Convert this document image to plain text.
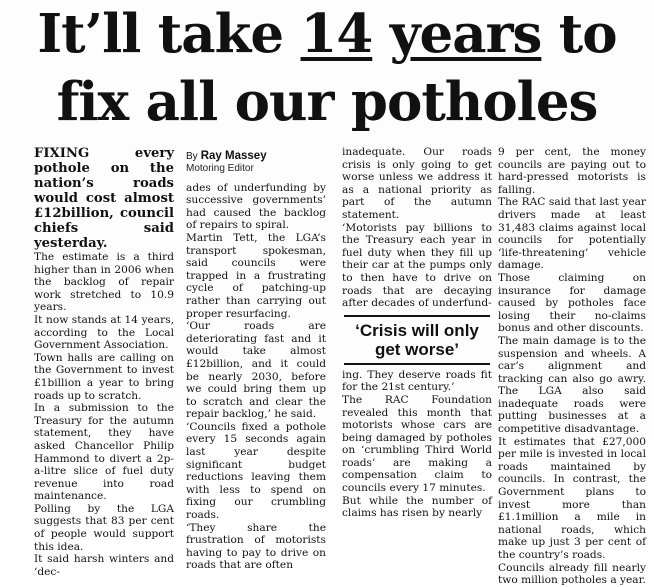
It’ll take 14 years to
fix all our potholes

FIXING every pothole on the nation’s roads would cost almost £12billion, council chiefs said yesterday.

The estimate is a third higher than in 2006 when the backlog of repair work stretched to 10.9 years.

It now stands at 14 years, according to the Local Government Association.

Town halls are calling on the Government to invest £1billion a year to bring roads up to scratch.

In a submission to the Treasury for the autumn statement, they have asked Chancellor Philip Hammond to divert a 2p-a-litre slice of fuel duty revenue into road maintenance.

Polling by the LGA suggests that 83 per cent of people would support this idea.

It said harsh winters and ‘dec-

By Ray Massey

Motoring Editor

ades of underfunding by successive governments’ had caused the backlog of repairs to spiral.

Martin Tett, the LGA’s transport spokesman, said councils were trapped in a frustrating cycle of patching-up rather than carrying out proper resurfacing.

‘Our roads are deteriorating fast and it would take almost £12billion, and it could be nearly 2030, before we could bring them up to scratch and clear the repair backlog,’ he said.

‘Councils fixed a pothole every 15 seconds again last year despite significant budget reductions leaving them with less to spend on fixing our crumbling roads.

‘They share the frustration of motorists having to pay to drive on roads that are often

inadequate. Our roads crisis is only going to get worse unless we address it as a national priority as part of the autumn statement.

‘Motorists pay billions to the Treasury each year in fuel duty when they fill up their car at the pumps only to then have to drive on roads that are decaying after decades of underfund-

‘Crisis will only get worse’

ing. They deserve roads fit for the 21st century.’

The RAC Foundation revealed this month that motorists whose cars are being damaged by potholes on ‘crumbling Third World roads’ are making a compensation claim to councils every 17 minutes.

But while the number of claims has risen by nearly

9 per cent, the money councils are paying out to hard-pressed motorists is falling.

The RAC said that last year drivers made at least 31,483 claims against local councils for potentially ‘life-threatening’ vehicle damage.

Those claiming on insurance for damage caused by potholes face losing their no-claims bonus and other discounts.

The main damage is to the suspension and wheels. A car’s alignment and tracking can also go awry. The LGA also said inadequate roads were putting businesses at a competitive disadvantage.

It estimates that £27,000 per mile is invested in local roads maintained by councils. In contrast, the Government plans to invest more than £1.1million a mile in national roads, which make up just 3 per cent of the country’s roads.

Councils already fill nearly two million potholes a year.
